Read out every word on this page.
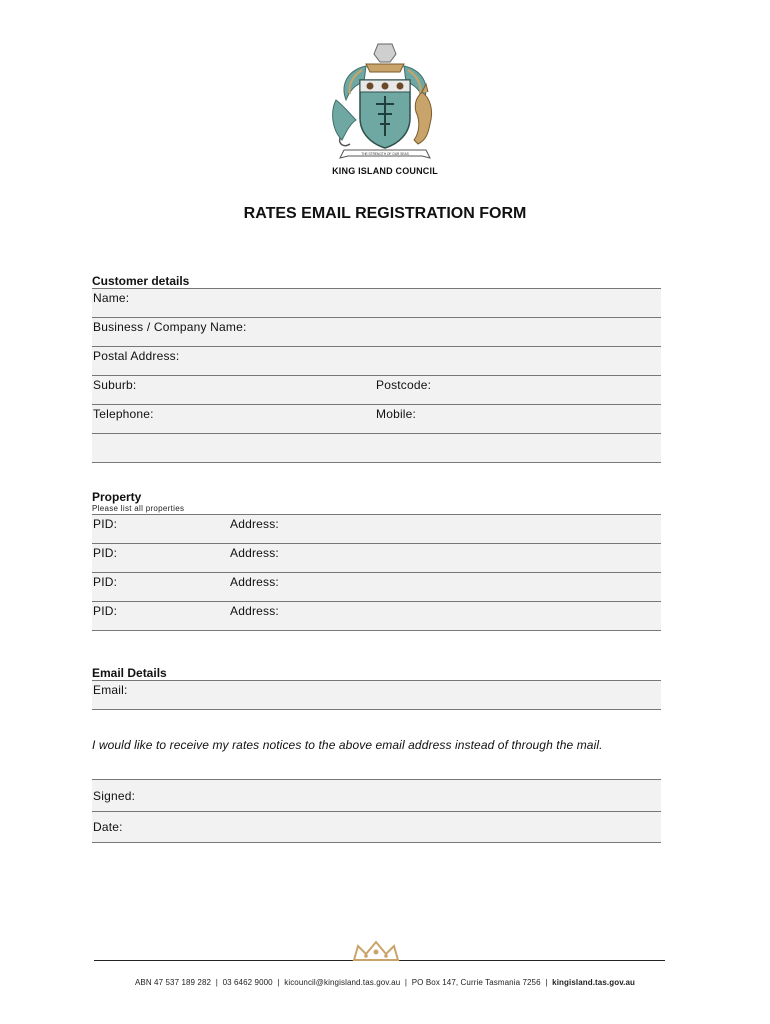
THE STRENGTH OF OUR SEAS
KING ISLAND COUNCIL
RATES EMAIL REGISTRATION FORM
Customer details
Name:
Business / Company Name:
Postal Address:
Suburb:	Postcode:
Telephone:	Mobile:
Property
Please list all properties
PID:	Address:
PID:	Address:
PID:	Address:
PID:	Address:
Email Details
Email:
I would like to receive my rates notices to the above email address instead of through the mail.
Signed:
Date:
ABN 47 537 189 282 | 03 6462 9000 | kicouncil@kingisland.tas.gov.au | PO Box 147, Currie Tasmania 7256 | kingisland.tas.gov.au
